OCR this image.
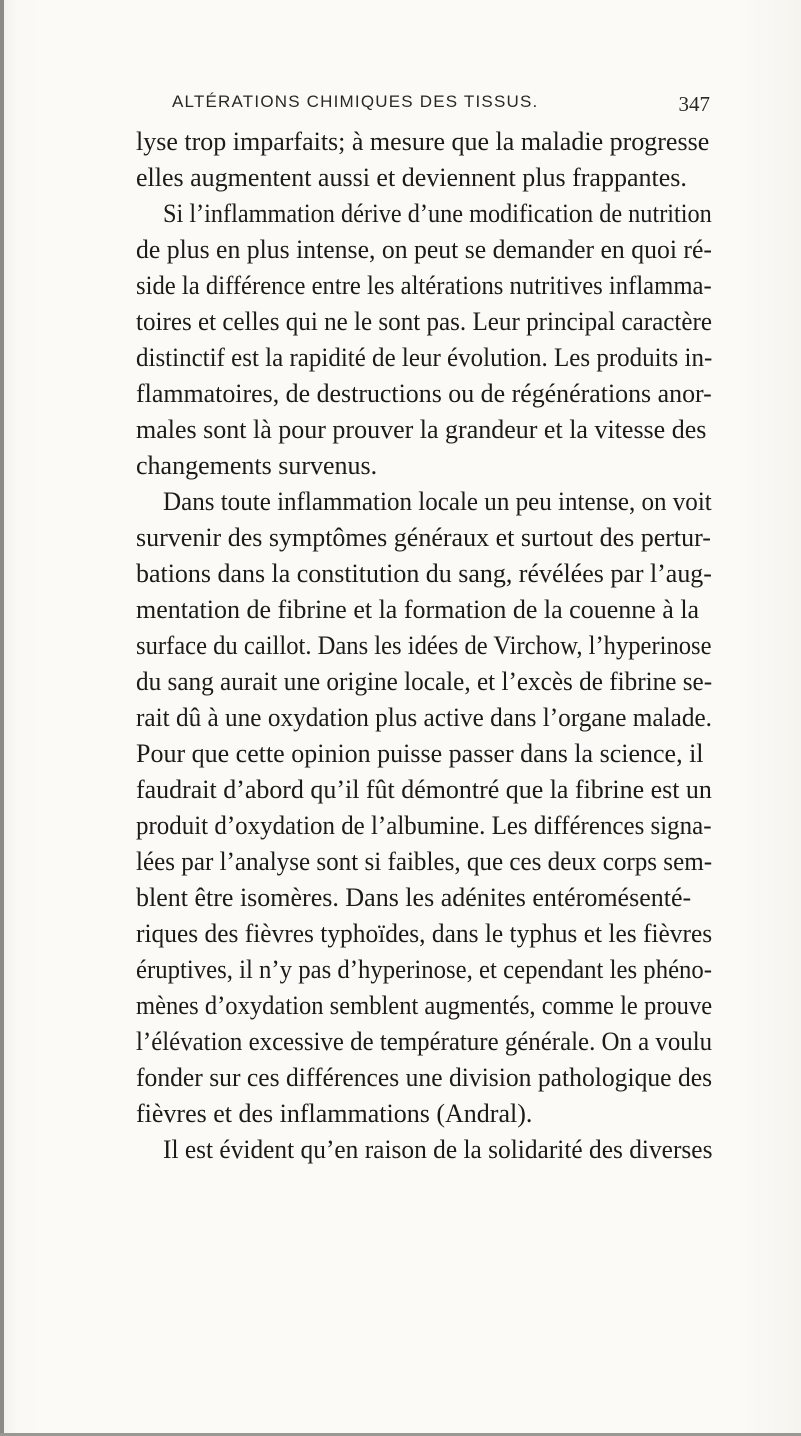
ALTÉRATIONS CHIMIQUES DES TISSUS.	347
lyse trop imparfaits; à mesure que la maladie progresse
elles augmentent aussi et deviennent plus frappantes.
Si l’inflammation dérive d’une modification de nutrition
de plus en plus intense, on peut se demander en quoi ré-
side la différence entre les altérations nutritives inflamma-
toires et celles qui ne le sont pas. Leur principal caractère
distinctif est la rapidité de leur évolution. Les produits in-
flammatoires, de destructions ou de régénérations anor-
males sont là pour prouver la grandeur et la vitesse des
changements survenus.
Dans toute inflammation locale un peu intense, on voit
survenir des symptômes généraux et surtout des pertur-
bations dans la constitution du sang, révélées par l’aug-
mentation de fibrine et la formation de la couenne à la
surface du caillot. Dans les idées de Virchow, l’hyperinose
du sang aurait une origine locale, et l’excès de fibrine se-
rait dû à une oxydation plus active dans l’organe malade.
Pour que cette opinion puisse passer dans la science, il
faudrait d’abord qu’il fût démontré que la fibrine est un
produit d’oxydation de l’albumine. Les différences signa-
lées par l’analyse sont si faibles, que ces deux corps sem-
blent être isomères. Dans les adénites entéromésenté-
riques des fièvres typhoïdes, dans le typhus et les fièvres
éruptives, il n’y pas d’hyperinose, et cependant les phéno-
mènes d’oxydation semblent augmentés, comme le prouve
l’élévation excessive de température générale. On a voulu
fonder sur ces différences une division pathologique des
fièvres et des inflammations (Andral).
Il est évident qu’en raison de la solidarité des diverses
